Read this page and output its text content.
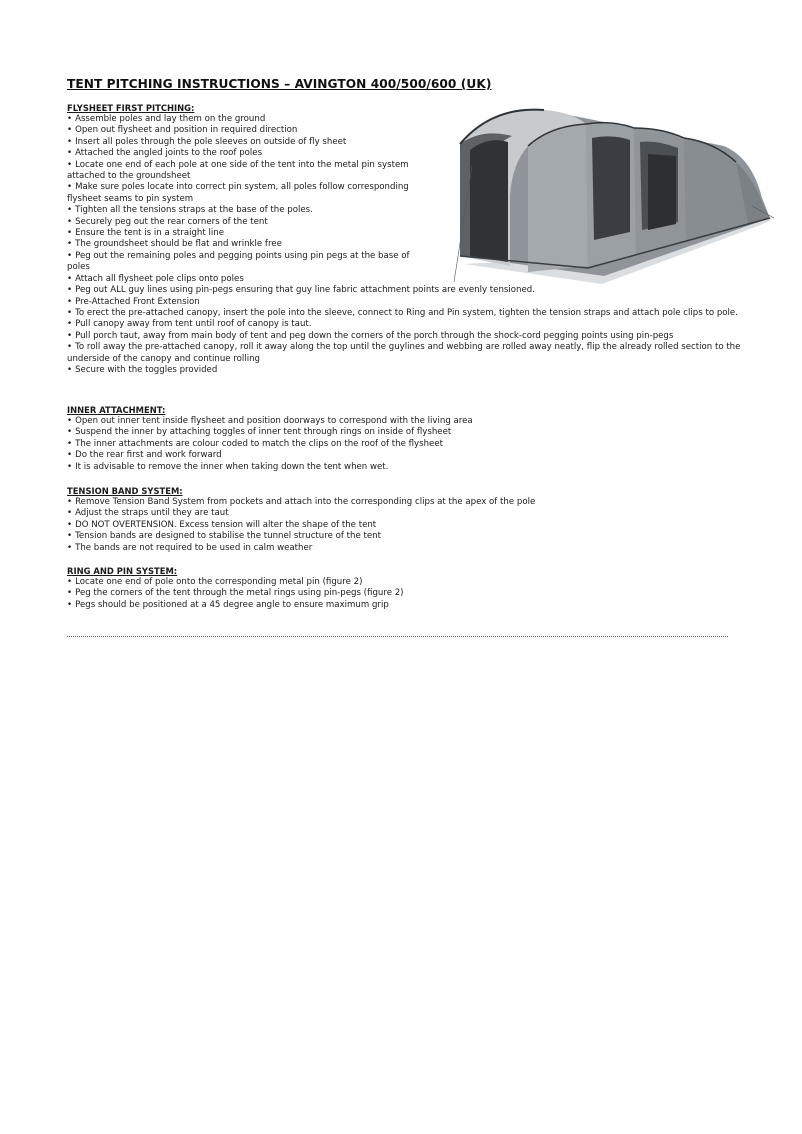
TENT PITCHING INSTRUCTIONS – AVINGTON 400/500/600 (UK)
FLYSHEET FIRST PITCHING:
• Assemble poles and lay them on the ground
• Open out flysheet and position in required direction
• Insert all poles through the pole sleeves on outside of fly sheet
• Attached the angled joints to the roof poles
• Locate one end of each pole at one side of the tent into the metal pin system attached to the groundsheet
• Make sure poles locate into correct pin system, all poles follow corresponding flysheet seams to pin system
• Tighten all the tensions straps at the base of the poles.
• Securely peg out the rear corners of the tent
• Ensure the tent is in a straight line
• The groundsheet should be flat and wrinkle free
• Peg out the remaining poles and pegging points using pin pegs at the base of poles
• Attach all flysheet pole clips onto poles
• Peg out ALL guy lines using pin-pegs ensuring that guy line fabric attachment points are evenly tensioned.
• Pre-Attached Front Extension
• To erect the pre-attached canopy, insert the pole into the sleeve, connect to Ring and Pin system, tighten the tension straps and attach pole clips to pole.
• Pull canopy away from tent until roof of canopy is taut.
• Pull porch taut, away from main body of tent and peg down the corners of the porch through the shock-cord pegging points using pin-pegs
• To roll away the pre-attached canopy, roll it away along the top until the guylines and webbing are rolled away neatly, flip the already rolled section to the underside of the canopy and continue rolling
• Secure with the toggles provided
INNER ATTACHMENT:
• Open out inner tent inside flysheet and position doorways to correspond with the living area
• Suspend the inner by attaching toggles of inner tent through rings on inside of flysheet
• The inner attachments are colour coded to match the clips on the roof of the flysheet
• Do the rear first and work forward
• It is advisable to remove the inner when taking down the tent when wet.
TENSION BAND SYSTEM:
• Remove Tension Band System from pockets and attach into the corresponding clips at the apex of the pole
• Adjust the straps until they are taut
• DO NOT OVERTENSION. Excess tension will alter the shape of the tent
• Tension bands are designed to stabilise the tunnel structure of the tent
• The bands are not required to be used in calm weather
RING AND PIN SYSTEM:
• Locate one end of pole onto the corresponding metal pin (figure 2)
• Peg the corners of the tent through the metal rings using pin-pegs (figure 2)
• Pegs should be positioned at a 45 degree angle to ensure maximum grip
